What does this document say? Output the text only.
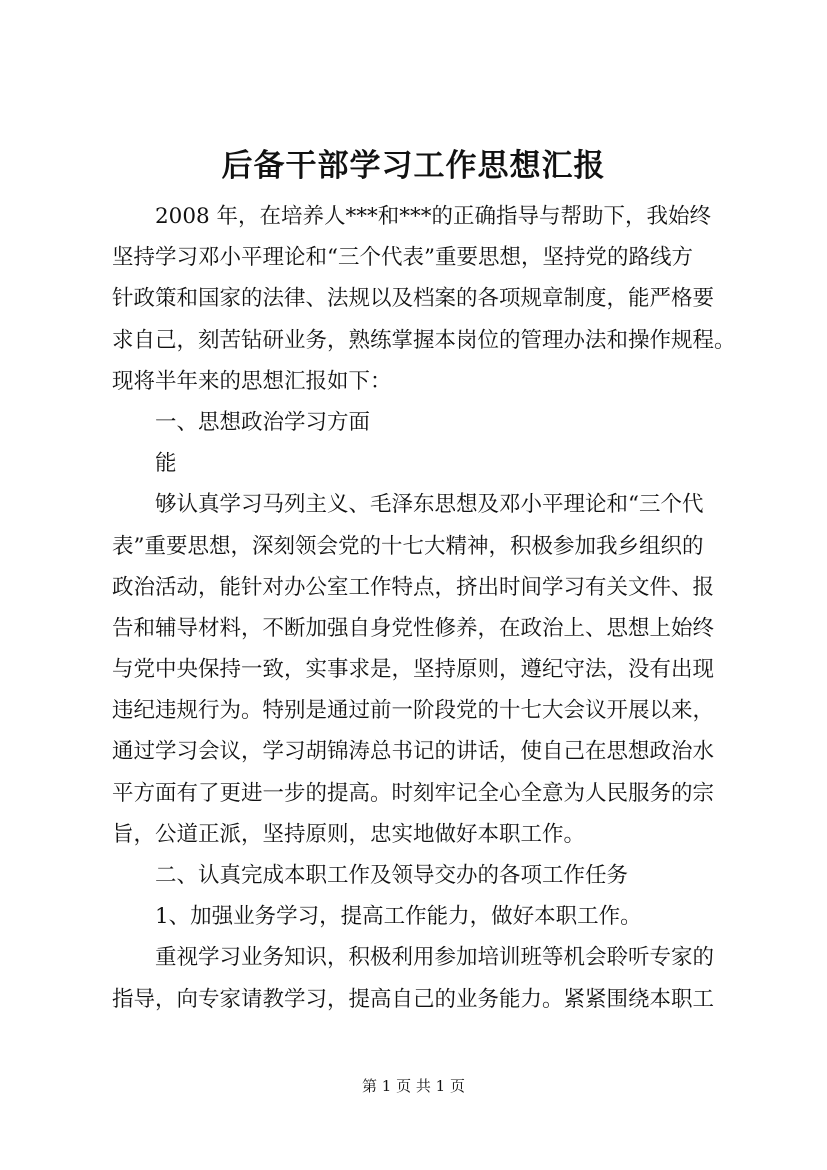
后备干部学习工作思想汇报
2008 年，在培养人***和***的正确指导与帮助下，我始终
坚持学习邓小平理论和“三个代表”重要思想，坚持党的路线方
针政策和国家的法律、法规以及档案的各项规章制度，能严格要
求自己，刻苦钻研业务，熟练掌握本岗位的管理办法和操作规程。
现将半年来的思想汇报如下：
一、思想政治学习方面
能
够认真学习马列主义、毛泽东思想及邓小平理论和“三个代
表”重要思想，深刻领会党的十七大精神，积极参加我乡组织的
政治活动，能针对办公室工作特点，挤出时间学习有关文件、报
告和辅导材料，不断加强自身党性修养，在政治上、思想上始终
与党中央保持一致，实事求是，坚持原则，遵纪守法，没有出现
违纪违规行为。特别是通过前一阶段党的十七大会议开展以来，
通过学习会议，学习胡锦涛总书记的讲话，使自己在思想政治水
平方面有了更进一步的提高。时刻牢记全心全意为人民服务的宗
旨，公道正派，坚持原则，忠实地做好本职工作。
二、认真完成本职工作及领导交办的各项工作任务
1、加强业务学习，提高工作能力，做好本职工作。
重视学习业务知识，积极利用参加培训班等机会聆听专家的
指导，向专家请教学习，提高自己的业务能力。紧紧围绕本职工
第 1 页 共 1 页
